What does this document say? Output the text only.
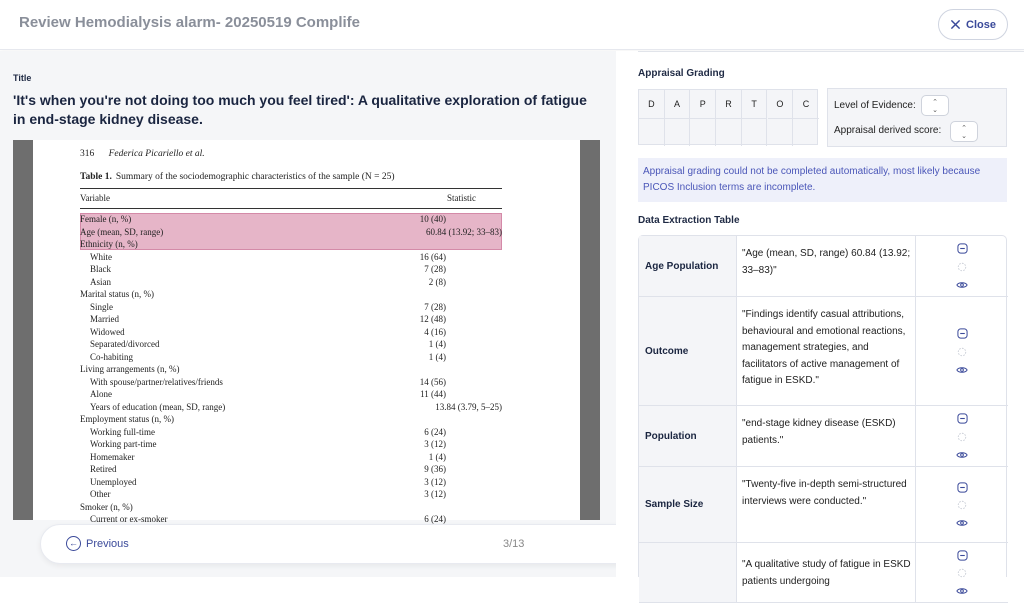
Review Hemodialysis alarm- 20250519 Complife	Close
Title
'It's when you're not doing too much you feel tired': A qualitative exploration of fatigue in end-stage kidney disease.
316 Federica Picariello et al.
Table 1. Summary of the sociodemographic characteristics of the sample (N = 25)
Variable	Statistic
Female (n, %)	10 (40)
Age (mean, SD, range)	60.84 (13.92; 33–83)
Ethnicity (n, %)
White	16 (64)
Black	7 (28)
Asian	2 (8)
Marital status (n, %)
Single	7 (28)
Married	12 (48)
Widowed	4 (16)
Separated/divorced	1 (4)
Co-habiting	1 (4)
Living arrangements (n, %)
With spouse/partner/relatives/friends	14 (56)
Alone	11 (44)
Years of education (mean, SD, range)	13.84 (3.79, 5–25)
Employment status (n, %)
Working full-time	6 (24)
Working part-time	3 (12)
Homemaker	1 (4)
Retired	9 (36)
Unemployed	3 (12)
Other	3 (12)
Smoker (n, %)
Current or ex-smoker	6 (24)
← Previous	3/13
Appraisal Grading
D	A	P	R	T	O	C	Level of Evidence: ⌃
⌄
Appraisal derived score:	⌃
⌄
Appraisal grading could not be completed automatically, most likely because PICOS Inclusion terms are incomplete.
Data Extraction Table
Age Population
"Age (mean, SD, range) 60.84 (13.92; 33–83)"
Outcome
"Findings identify casual attributions, behavioural and emotional reactions, management strategies, and facilitators of active management of fatigue in ESKD."
Population
"end-stage kidney disease (ESKD) patients."
Sample Size
"Twenty-five in-depth semi-structured interviews were conducted."
"A qualitative study of fatigue in ESKD patients undergoing
